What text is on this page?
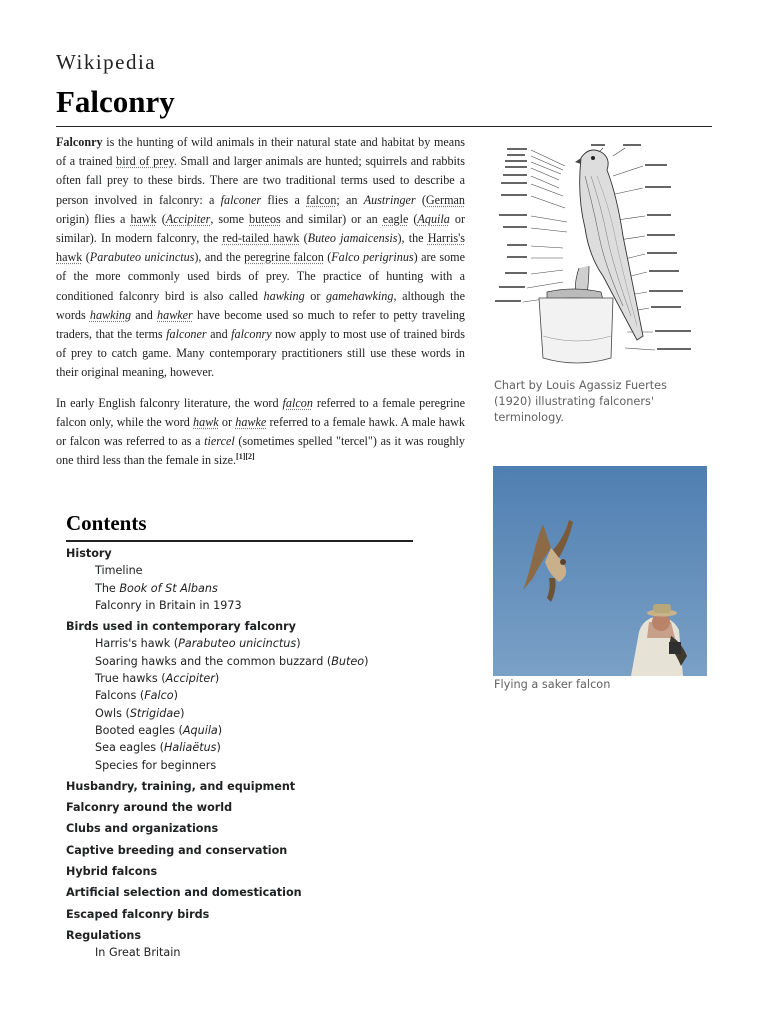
Wikipedia
Falconry

Falconry is the hunting of wild animals in their natural state and habitat by means of a trained bird of prey. Small and larger animals are hunted; squirrels and rabbits often fall prey to these birds. There are two traditional terms used to describe a person involved in falconry: a falconer flies a falcon; an Austringer (German origin) flies a hawk (Accipiter, some buteos and similar) or an eagle (Aquila or similar). In modern falconry, the red-tailed hawk (Buteo jamaicensis), the Harris's hawk (Parabuteo unicinctus), and the peregrine falcon (Falco perigrinus) are some of the more commonly used birds of prey. The practice of hunting with a conditioned falconry bird is also called hawking or gamehawking, although the words hawking and hawker have become used so much to refer to petty traveling traders, that the terms falconer and falconry now apply to most use of trained birds of prey to catch game. Many contemporary practitioners still use these words in their original meaning, however.

In early English falconry literature, the word falcon referred to a female peregrine falcon only, while the word hawk or hawke referred to a female hawk. A male hawk or falcon was referred to as a tiercel (sometimes spelled "tercel") as it was roughly one third less than the female in size.[1][2]

Chart by Louis Agassiz Fuertes (1920) illustrating falconers' terminology.
Flying a saker falcon
Contents
History
Timeline
The Book of St Albans
Falconry in Britain in 1973
Birds used in contemporary falconry
Harris's hawk (Parabuteo unicinctus)
Soaring hawks and the common buzzard (Buteo)
True hawks (Accipiter)
Falcons (Falco)
Owls (Strigidae)
Booted eagles (Aquila)
Sea eagles (Haliaëtus)
Species for beginners
Husbandry, training, and equipment
Falconry around the world
Clubs and organizations
Captive breeding and conservation
Hybrid falcons
Artificial selection and domestication
Escaped falconry birds
Regulations
In Great Britain
